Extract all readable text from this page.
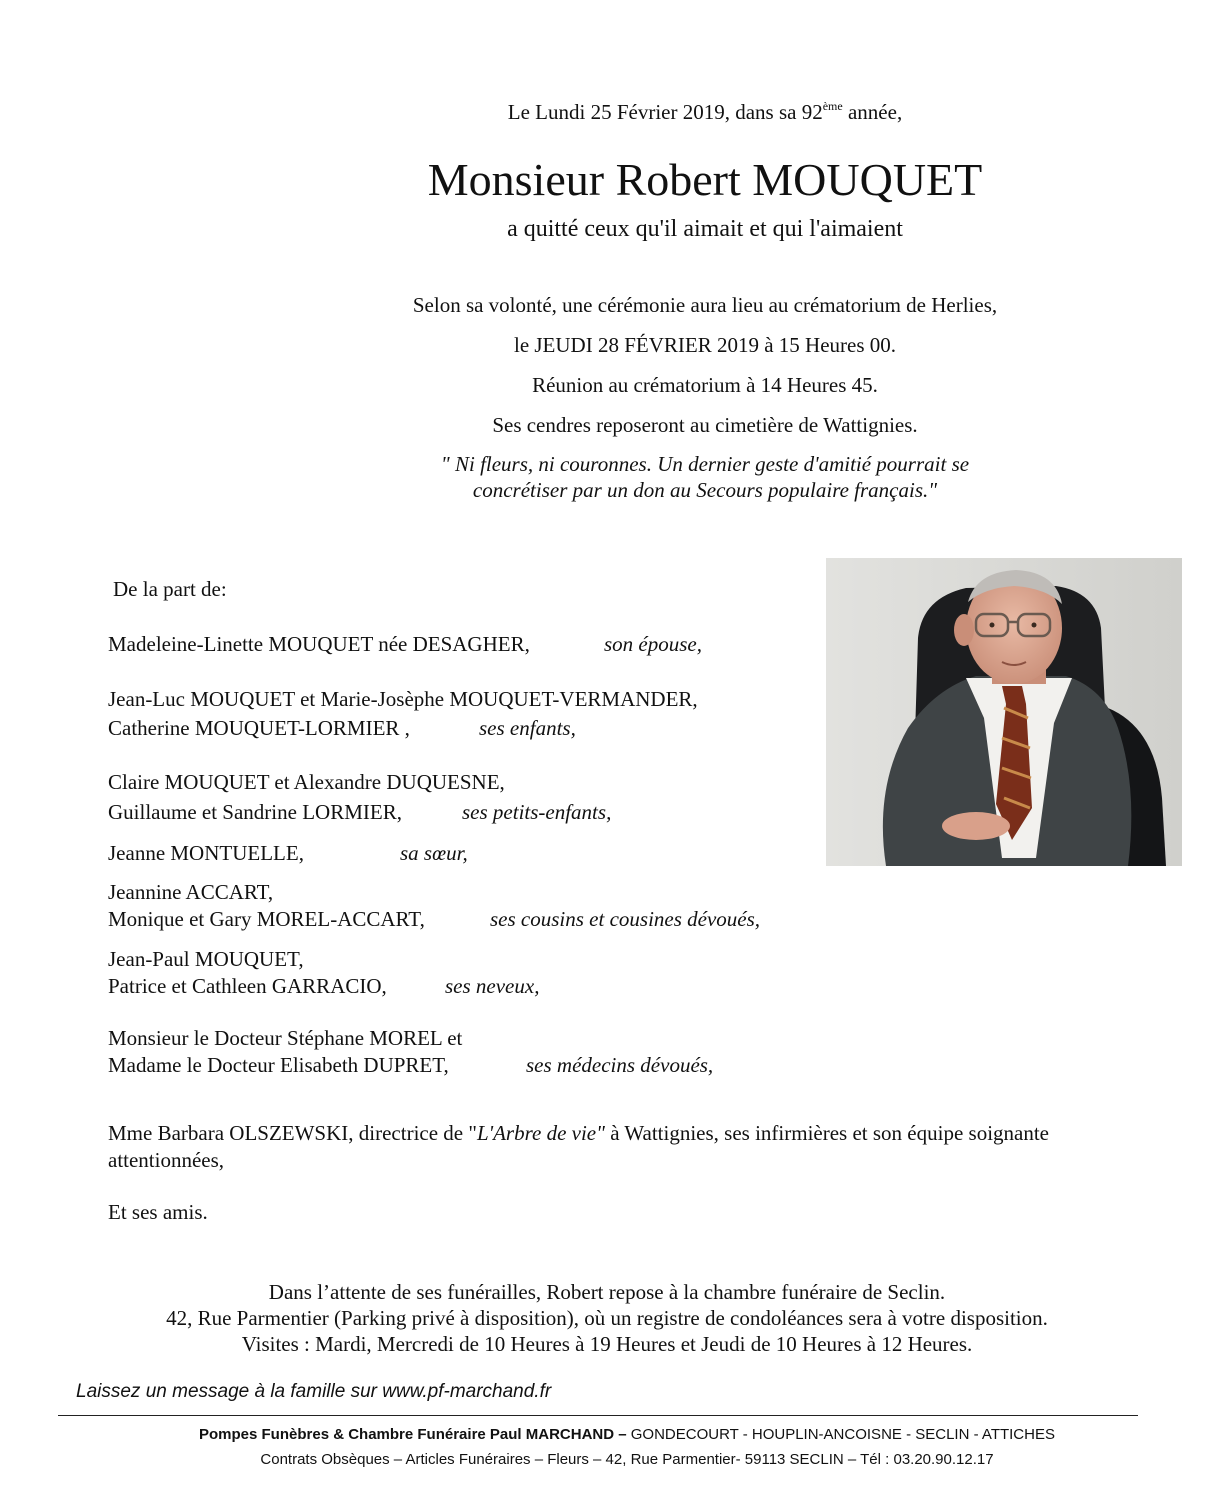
Le Lundi 25 Février 2019, dans sa 92ème année,
Monsieur Robert MOUQUET
a quitté ceux qu'il aimait et qui l'aimaient
Selon sa volonté, une cérémonie aura lieu au crématorium de Herlies,
le JEUDI 28 FÉVRIER 2019 à 15 Heures 00.
Réunion au crématorium à 14 Heures 45.
Ses cendres reposeront au cimetière de Wattignies.
" Ni fleurs, ni couronnes. Un dernier geste d'amitié pourrait se
concrétiser par un don au Secours populaire français."
De la part de:
Madeleine-Linette MOUQUET née DESAGHER,	son épouse,
Jean-Luc MOUQUET et Marie-Josèphe MOUQUET-VERMANDER,
Catherine MOUQUET-LORMIER ,	ses enfants,
Claire MOUQUET et Alexandre DUQUESNE,
Guillaume et Sandrine LORMIER,	ses petits-enfants,
Jeanne MONTUELLE,	sa sœur,
Jeannine ACCART,
Monique et Gary MOREL-ACCART,	ses cousins et cousines dévoués,
Jean-Paul MOUQUET,
Patrice et Cathleen GARRACIO,	ses neveux,
Monsieur le Docteur Stéphane MOREL et
Madame le Docteur Elisabeth DUPRET,	ses médecins dévoués,
Mme Barbara OLSZEWSKI, directrice de "L'Arbre de vie" à Wattignies, ses infirmières et son équipe soignante
attentionnées,
Et ses amis.
Dans l’attente de ses funérailles, Robert repose à la chambre funéraire de Seclin.
42, Rue Parmentier (Parking privé à disposition), où un registre de condoléances sera à votre disposition.
Visites : Mardi, Mercredi de 10 Heures à 19 Heures et Jeudi de 10 Heures à 12 Heures.
Laissez un message à la famille sur www.pf-marchand.fr
Pompes Funèbres & Chambre Funéraire Paul MARCHAND – GONDECOURT - HOUPLIN-ANCOISNE - SECLIN - ATTICHES
Contrats Obsèques – Articles Funéraires – Fleurs – 42, Rue Parmentier- 59113 SECLIN – Tél : 03.20.90.12.17
